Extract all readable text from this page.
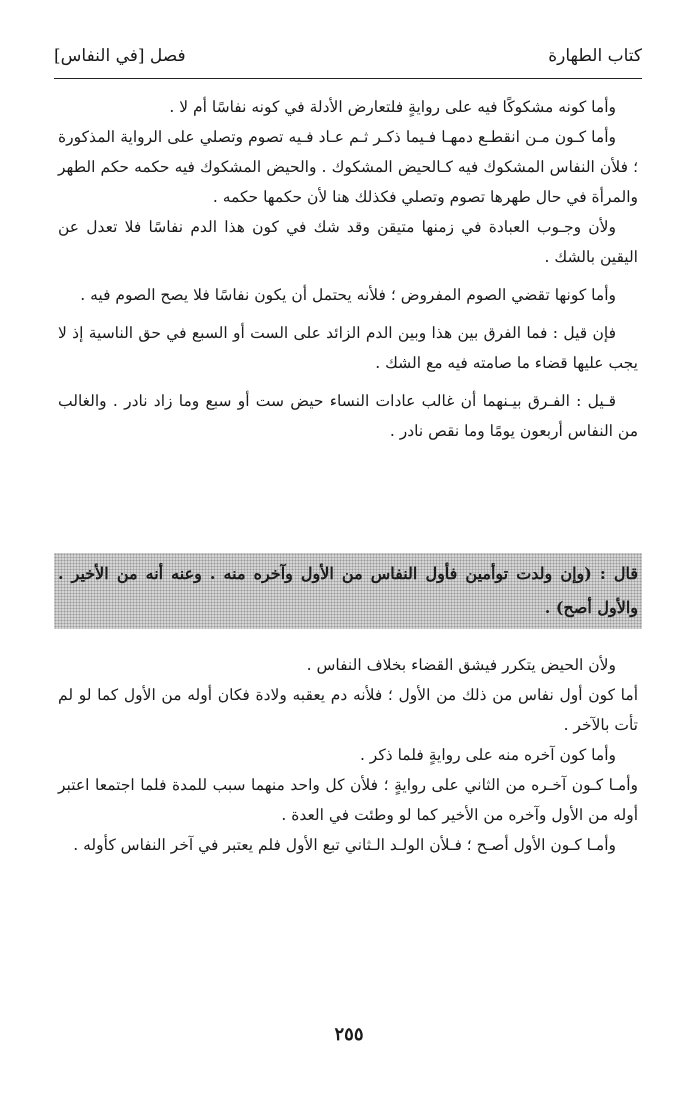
كتاب الطهارة
فصل [في النفاس]

وأما كونه مشكوكًا فيه على روايةٍ فلتعارض الأدلة في كونه نفاسًا أم لا .

وأما كـون مـن انقطـع دمهـا فـيما ذكـر ثـم عـاد فـيه تصوم وتصلي على الرواية المذكورة ؛ فلأن النفاس المشكوك فيه كـالحيض المشكوك . والحيض المشكوك فيه حكمه حكم الطهر والمرأة في حال طهرها تصوم وتصلي فكذلك هنا لأن حكمها حكمه .

ولأن وجـوب العبادة في زمنها متيقن وقد شك في كون هذا الدم نفاسًا فلا تعدل عن اليقين بالشك .

وأما كونها تقضي الصوم المفروض ؛ فلأنه يحتمل أن يكون نفاسًا فلا يصح الصوم فيه .

فإن قيل : فما الفرق بين هذا وبين الدم الزائد على الست أو السبع في حق الناسية إذ لا يجب عليها قضاء ما صامته فيه مع الشك .

قـيل : الفـرق بيـنهما أن غالب عادات النساء حيض ست أو سبع وما زاد نادر . والغالب من النفاس أربعون يومًا وما نقص نادر .

قال : (وإن ولدت توأمين فأول النفاس من الأول وآخره منه . وعنه أنه من الأخير . والأول أصح) .

ولأن الحيض يتكرر فيشق القضاء بخلاف النفاس .

أما كون أول نفاس من ذلك من الأول ؛ فلأنه دم يعقبه ولادة فكان أوله من الأول كما لو لم تأت بالآخر .

وأما كون آخره منه على روايةٍ فلما ذكر .

وأمـا كـون آخـره من الثاني على روايةٍ ؛ فلأن كل واحد منهما سبب للمدة فلما اجتمعا اعتبر أوله من الأول وآخره من الأخير كما لو وطئت في العدة .

وأمـا كـون الأول أصـح ؛ فـلأن الولـد الـثاني تبع الأول فلم يعتبر في آخر النفاس كأوله .

٢٥٥
